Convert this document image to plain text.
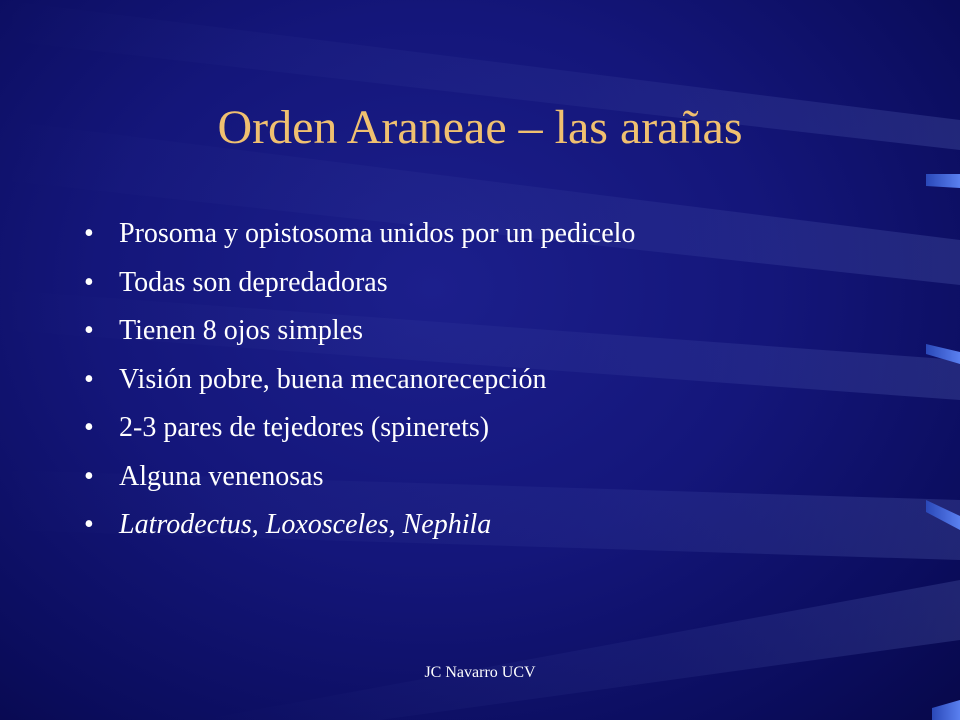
Orden Araneae – las arañas
• Prosoma y opistosoma unidos por un pedicelo
• Todas son depredadoras
• Tienen 8 ojos simples
• Visión pobre, buena mecanorecepción
• 2-3 pares de tejedores (spinerets)
• Alguna venenosas
• Latrodectus, Loxosceles, Nephila
JC Navarro UCV
